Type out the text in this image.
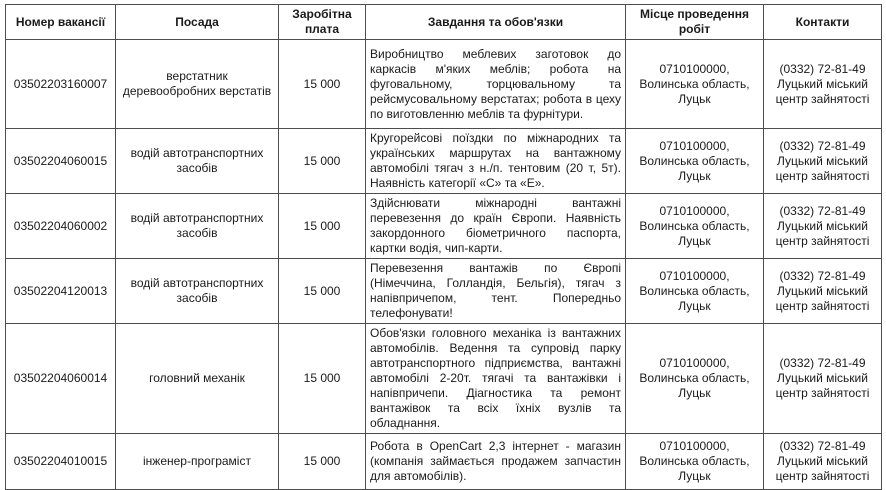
Номер вакансії	Посада	Заробітна плата	Завдання та обов'язки	Місце проведення робіт	Контакти
03502203160007	верстатник деревообробних верстатів	15 000	Виробництво меблевих заготовок до каркасів м'яких меблів; робота на фуговальному, торцювальному та рейсмусовальному верстатах; робота в цеху по виготовленню меблів та фурнітури.	0710100000, Волинська область, Луцьк	(0332) 72-81-49 Луцький міський центр зайнятості
03502204060015	водій автотранспортних засобів	15 000	Кругорейсові поїздки по міжнародних та українських маршрутах на вантажному автомобілі тягач з н./п. тентовим (20 т, 5т). Наявність категорії «С» та «Е».	0710100000, Волинська область, Луцьк	(0332) 72-81-49 Луцький міський центр зайнятості
03502204060002	водій автотранспортних засобів	15 000	Здійснювати міжнародні вантажні перевезення до країн Європи. Наявність закордонного біометричного паспорта, картки водія, чип-карти.	0710100000, Волинська область, Луцьк	(0332) 72-81-49 Луцький міський центр зайнятості
03502204120013	водій автотранспортних засобів	15 000	Перевезення вантажів по Європі (Німеччина, Голландія, Бельгія), тягач з напівпричепом, тент. Попередньо телефонувати!	0710100000, Волинська область, Луцьк	(0332) 72-81-49 Луцький міський центр зайнятості
03502204060014	головний механік	15 000	Обов'язки головного механіка із вантажних автомобілів. Ведення та супровід парку автотранспортного підприємства, вантажні автомобілі 2-20т. тягачі та вантажівки і напівпричепи. Діагностика та ремонт вантажівок та всіх їхніх вузлів та обладнання.	0710100000, Волинська область, Луцьк	(0332) 72-81-49 Луцький міський центр зайнятості
03502204010015	інженер-програміст	15 000	Робота в OpenCart 2,3 інтернет - магазин (компанія займається продажем запчастин для автомобілів).	0710100000, Волинська область, Луцьк	(0332) 72-81-49 Луцький міський центр зайнятості
